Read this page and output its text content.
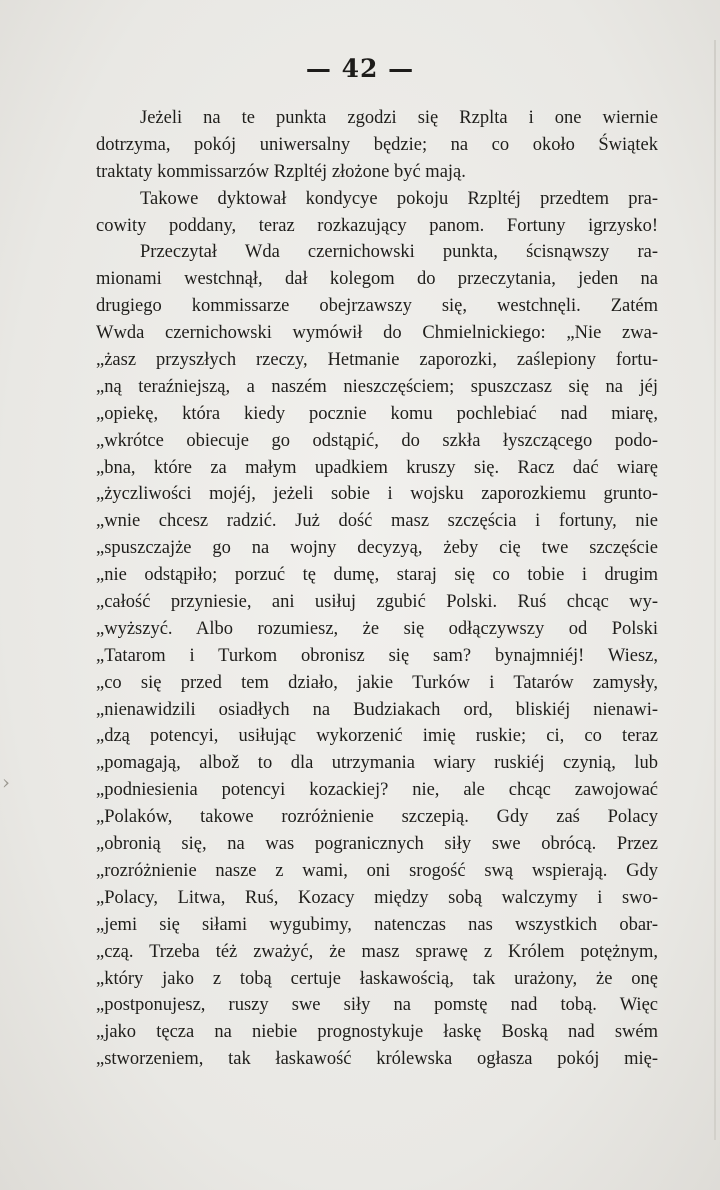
›
— 42 —
Jeżeli na te punkta zgodzi się Rzplta i one wiernie
dotrzyma, pokój uniwersalny będzie; na co około Świątek
traktaty kommissarzów Rzpltéj złożone być mają.
Takowe dyktował kondycye pokoju Rzpltéj przedtem pra-
cowity poddany, teraz rozkazujący panom. Fortuny igrzysko!
Przeczytał Wda czernichowski punkta, ścisnąwszy ra-
mionami westchnął, dał kolegom do przeczytania, jeden na
drugiego kommissarze obejrzawszy się, westchnęli. Zatém
Wwda czernichowski wymówił do Chmielnickiego: „Nie zwa-
„żasz przyszłych rzeczy, Hetmanie zaporozki, zaślepiony fortu-
„ną teraźniejszą, a naszém nieszczęściem; spuszczasz się na jéj
„opiekę, która kiedy pocznie komu pochlebiać nad miarę,
„wkrótce obiecuje go odstąpić, do szkła łyszczącego podo-
„bna, które za małym upadkiem kruszy się. Racz dać wiarę
„życzliwości mojéj, jeżeli sobie i wojsku zaporozkiemu grunto-
„wnie chcesz radzić. Już dość masz szczęścia i fortuny, nie
„spuszczajże go na wojny decyzyą, żeby cię twe szczęście
„nie odstąpiło; porzuć tę dumę, staraj się co tobie i drugim
„całość przyniesie, ani usiłuj zgubić Polski. Ruś chcąc wy-
„wyższyć. Albo rozumiesz, że się odłączywszy od Polski
„Tatarom i Turkom obronisz się sam? bynajmniéj! Wiesz,
„co się przed tem działo, jakie Turków i Tatarów zamysły,
„nienawidzili osiadłych na Budziakach ord, bliskiéj nienawi-
„dzą potencyi, usiłując wykorzenić imię ruskie; ci, co teraz
„pomagają, albož to dla utrzymania wiary ruskiéj czynią, lub
„podniesienia potencyi kozackiej? nie, ale chcąc zawojować
„Polaków, takowe rozróżnienie szczepią. Gdy zaś Polacy
„obronią się, na was pogranicznych siły swe obrócą. Przez
„rozróżnienie nasze z wami, oni srogość swą wspierają. Gdy
„Polacy, Litwa, Ruś, Kozacy między sobą walczymy i swo-
„jemi się siłami wygubimy, natenczas nas wszystkich obar-
„czą. Trzeba téż zważyć, że masz sprawę z Królem potężnym,
„który jako z tobą certuje łaskawością, tak urażony, że onę
„postponujesz, ruszy swe siły na pomstę nad tobą. Więc
„jako tęcza na niebie prognostykuje łaskę Boską nad swém
„stworzeniem, tak łaskawość królewska ogłasza pokój mię-
